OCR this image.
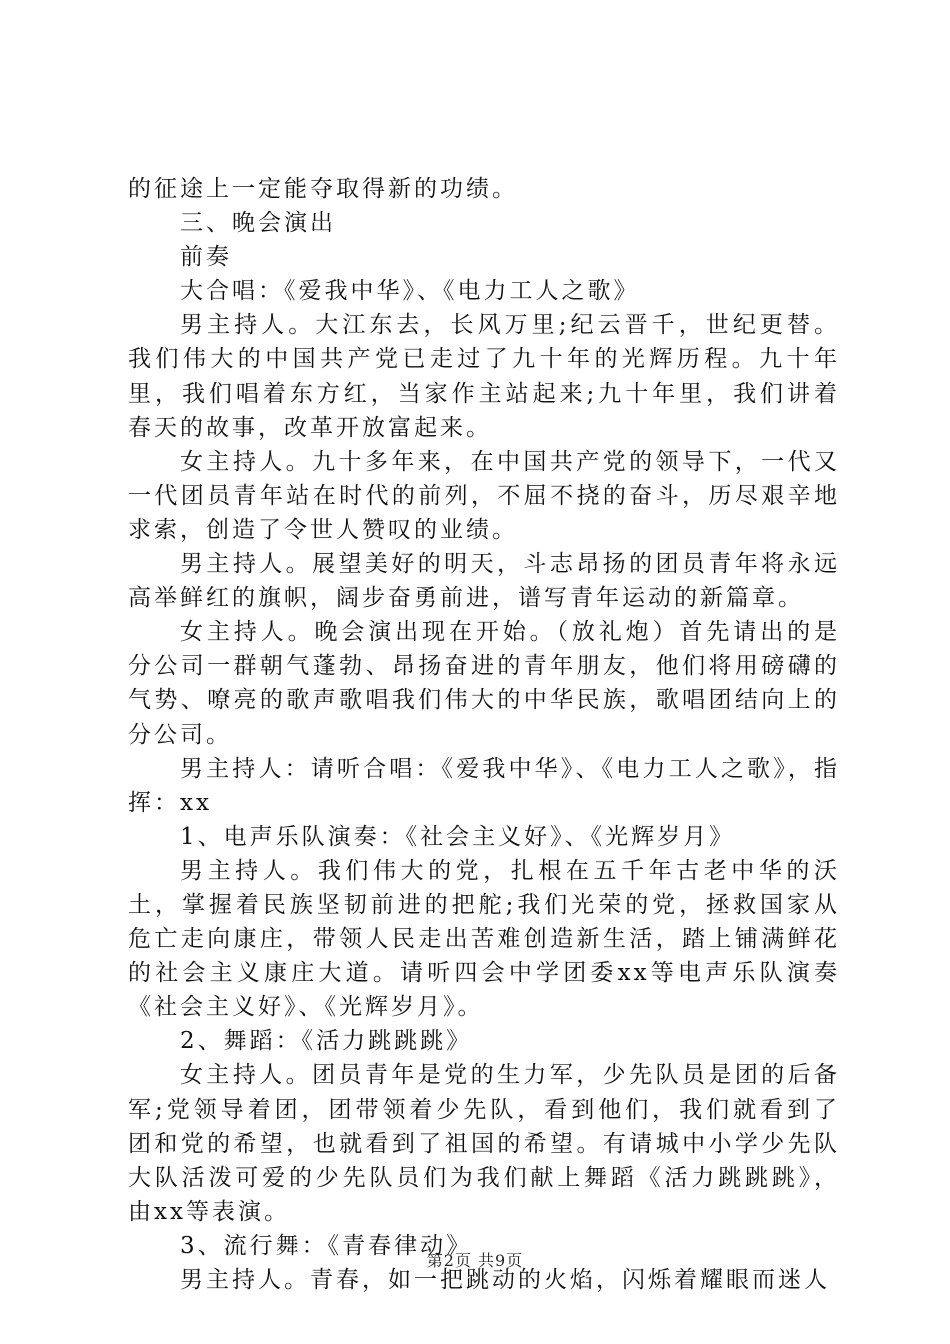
的征途上一定能夺取得新的功绩。

三、晚会演出

前奏

大合唱：《爱我中华》、《电力工人之歌》

男主持人。大江东去，长风万里;纪云晋千，世纪更替。我们伟大的中国共产党已走过了九十年的光辉历程。九十年里，我们唱着东方红，当家作主站起来;九十年里，我们讲着春天的故事，改革开放富起来。

女主持人。九十多年来，在中国共产党的领导下，一代又一代团员青年站在时代的前列，不屈不挠的奋斗，历尽艰辛地求索，创造了令世人赞叹的业绩。

男主持人。展望美好的明天，斗志昂扬的团员青年将永远高举鲜红的旗帜，阔步奋勇前进，谱写青年运动的新篇章。

女主持人。晚会演出现在开始。（放礼炮）首先请出的是分公司一群朝气蓬勃、昂扬奋进的青年朋友，他们将用磅礴的气势、嘹亮的歌声歌唱我们伟大的中华民族，歌唱团结向上的分公司。

男主持人：请听合唱：《爱我中华》、《电力工人之歌》，指挥：xx

1、电声乐队演奏：《社会主义好》、《光辉岁月》

男主持人。我们伟大的党，扎根在五千年古老中华的沃土，掌握着民族坚韧前进的把舵;我们光荣的党，拯救国家从危亡走向康庄，带领人民走出苦难创造新生活，踏上铺满鲜花的社会主义康庄大道。请听四会中学团委xx等电声乐队演奏《社会主义好》、《光辉岁月》。

2、舞蹈：《活力跳跳跳》

女主持人。团员青年是党的生力军，少先队员是团的后备军;党领导着团，团带领着少先队，看到他们，我们就看到了团和党的希望，也就看到了祖国的希望。有请城中小学少先队大队活泼可爱的少先队员们为我们献上舞蹈《活力跳跳跳》，由xx等表演。

3、流行舞：《青春律动》

男主持人。青春，如一把跳动的火焰，闪烁着耀眼而迷人

第2页 共9页
